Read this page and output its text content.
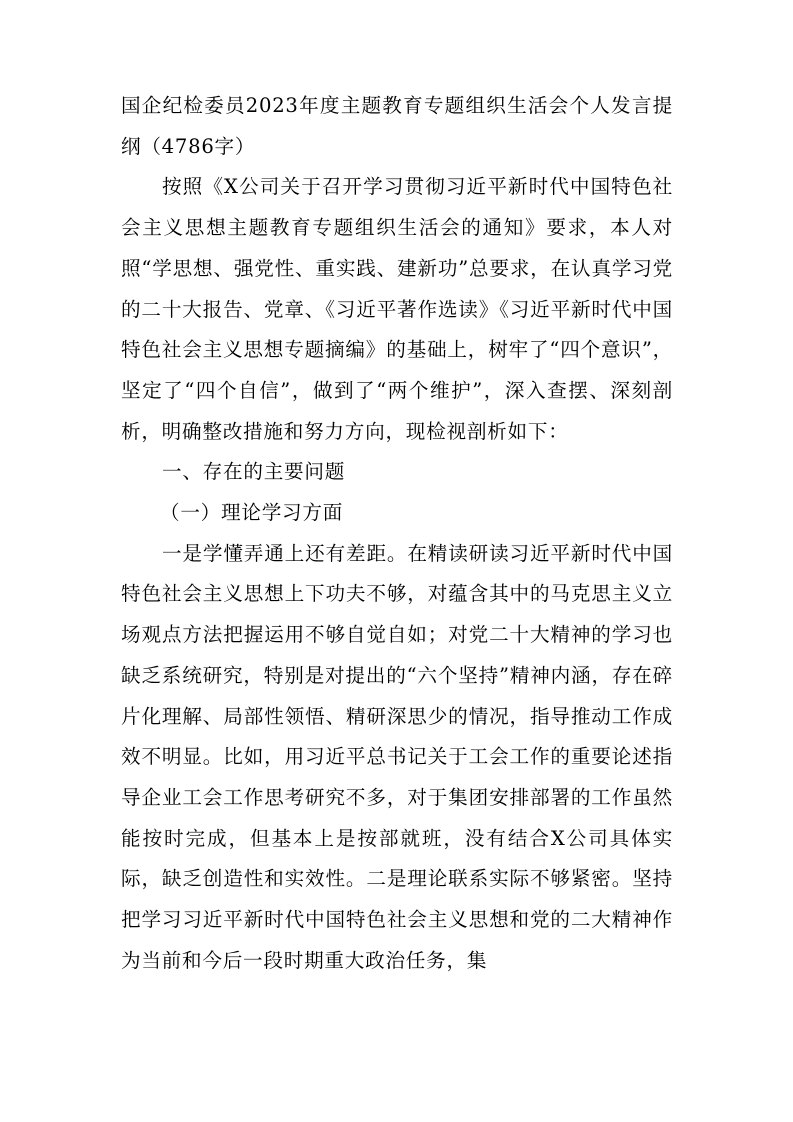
国企纪检委员2023年度主题教育专题组织生活会个人发言提纲（4786字）

按照《X公司关于召开学习贯彻习近平新时代中国特色社会主义思想主题教育专题组织生活会的通知》要求，本人对照“学思想、强党性、重实践、建新功”总要求，在认真学习党的二十大报告、党章、《习近平著作选读》《习近平新时代中国特色社会主义思想专题摘编》的基础上，树牢了“四个意识”，坚定了“四个自信”，做到了“两个维护”，深入查摆、深刻剖析，明确整改措施和努力方向，现检视剖析如下：

一、存在的主要问题

（一）理论学习方面

一是学懂弄通上还有差距。在精读研读习近平新时代中国特色社会主义思想上下功夫不够，对蕴含其中的马克思主义立场观点方法把握运用不够自觉自如；对党二十大精神的学习也缺乏系统研究，特别是对提出的“六个坚持”精神内涵，存在碎片化理解、局部性领悟、精研深思少的情况，指导推动工作成效不明显。比如，用习近平总书记关于工会工作的重要论述指导企业工会工作思考研究不多，对于集团安排部署的工作虽然能按时完成，但基本上是按部就班，没有结合X公司具体实际，缺乏创造性和实效性。二是理论联系实际不够紧密。坚持把学习习近平新时代中国特色社会主义思想和党的二大精神作为当前和今后一段时期重大政治任务，集
